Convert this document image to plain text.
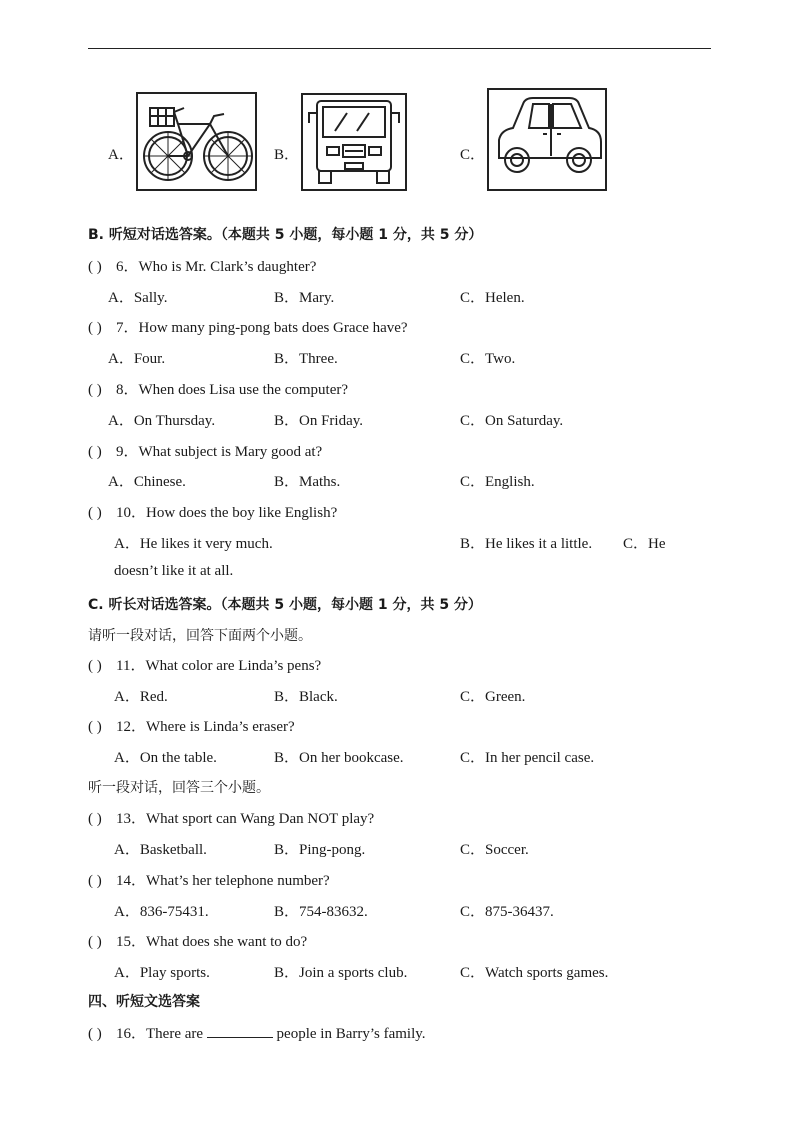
A．	B．	C．
B. 听短对话选答案。（本题共 5 小题，每小题 1 分，共 5 分）
( ) 6．Who is Mr. Clark’s daughter?
A．Sally.	B．Mary.	C．Helen.
( ) 7．How many ping-pong bats does Grace have?
A．Four.	B．Three.	C．Two.
( ) 8．When does Lisa use the computer?
A．On Thursday.	B．On Friday.	C．On Saturday.
( ) 9．What subject is Mary good at?
A．Chinese.	B．Maths.	C．English.
( ) 10．How does the boy like English?
A．He likes it very much.	B．He likes it a little. C．He
doesn’t like it at all.
C. 听长对话选答案。（本题共 5 小题，每小题 1 分，共 5 分）
请听一段对话，回答下面两个小题。
( ) 11．What color are Linda’s pens?
A．Red.	B．Black.	C．Green.
( ) 12．Where is Linda’s eraser?
A．On the table.	B．On her bookcase.	C．In her pencil case.
听一段对话，回答三个小题。
( ) 13．What sport can Wang Dan NOT play?
A．Basketball.	B．Ping-pong.	C．Soccer.
( ) 14．What’s her telephone number?
A．836-75431.	B．754-83632.	C．875-36437.
( ) 15．What does she want to do?
A．Play sports.	B．Join a sports club.	C．Watch sports games.
四、听短文选答案
( ) 16．There are	people in Barry’s family.
